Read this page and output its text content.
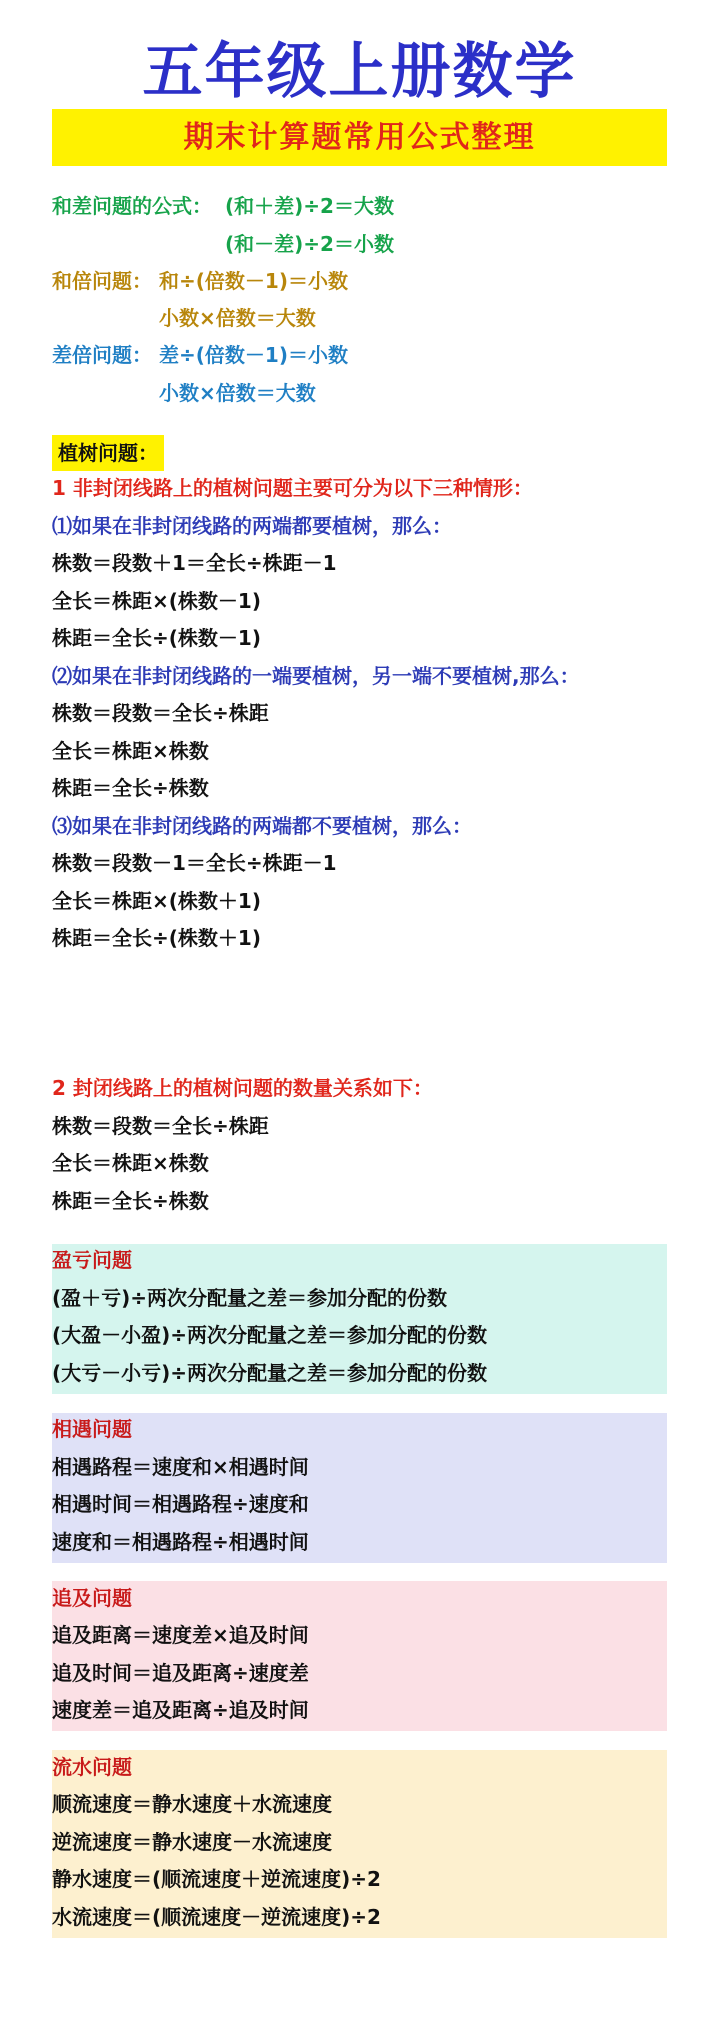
五年级上册数学
期末计算题常用公式整理
和差问题的公式： (和＋差)÷2＝大数
(和－差)÷2＝小数
和倍问题： 和÷(倍数－1)＝小数
小数×倍数＝大数
差倍问题： 差÷(倍数－1)＝小数
小数×倍数＝大数
植树问题：
1 非封闭线路上的植树问题主要可分为以下三种情形：
⑴如果在非封闭线路的两端都要植树，那么：
株数＝段数＋1＝全长÷株距－1
全长＝株距×(株数－1)
株距＝全长÷(株数－1)
⑵如果在非封闭线路的一端要植树，另一端不要植树,那么：
株数＝段数＝全长÷株距
全长＝株距×株数
株距＝全长÷株数
⑶如果在非封闭线路的两端都不要植树，那么：
株数＝段数－1＝全长÷株距－1
全长＝株距×(株数＋1)
株距＝全长÷(株数＋1)
2 封闭线路上的植树问题的数量关系如下：
株数＝段数＝全长÷株距
全长＝株距×株数
株距＝全长÷株数
盈亏问题
(盈＋亏)÷两次分配量之差＝参加分配的份数
(大盈－小盈)÷两次分配量之差＝参加分配的份数
(大亏－小亏)÷两次分配量之差＝参加分配的份数
相遇问题
相遇路程＝速度和×相遇时间
相遇时间＝相遇路程÷速度和
速度和＝相遇路程÷相遇时间
追及问题
追及距离＝速度差×追及时间
追及时间＝追及距离÷速度差
速度差＝追及距离÷追及时间
流水问题
顺流速度＝静水速度＋水流速度
逆流速度＝静水速度－水流速度
静水速度＝(顺流速度＋逆流速度)÷2
水流速度＝(顺流速度－逆流速度)÷2
